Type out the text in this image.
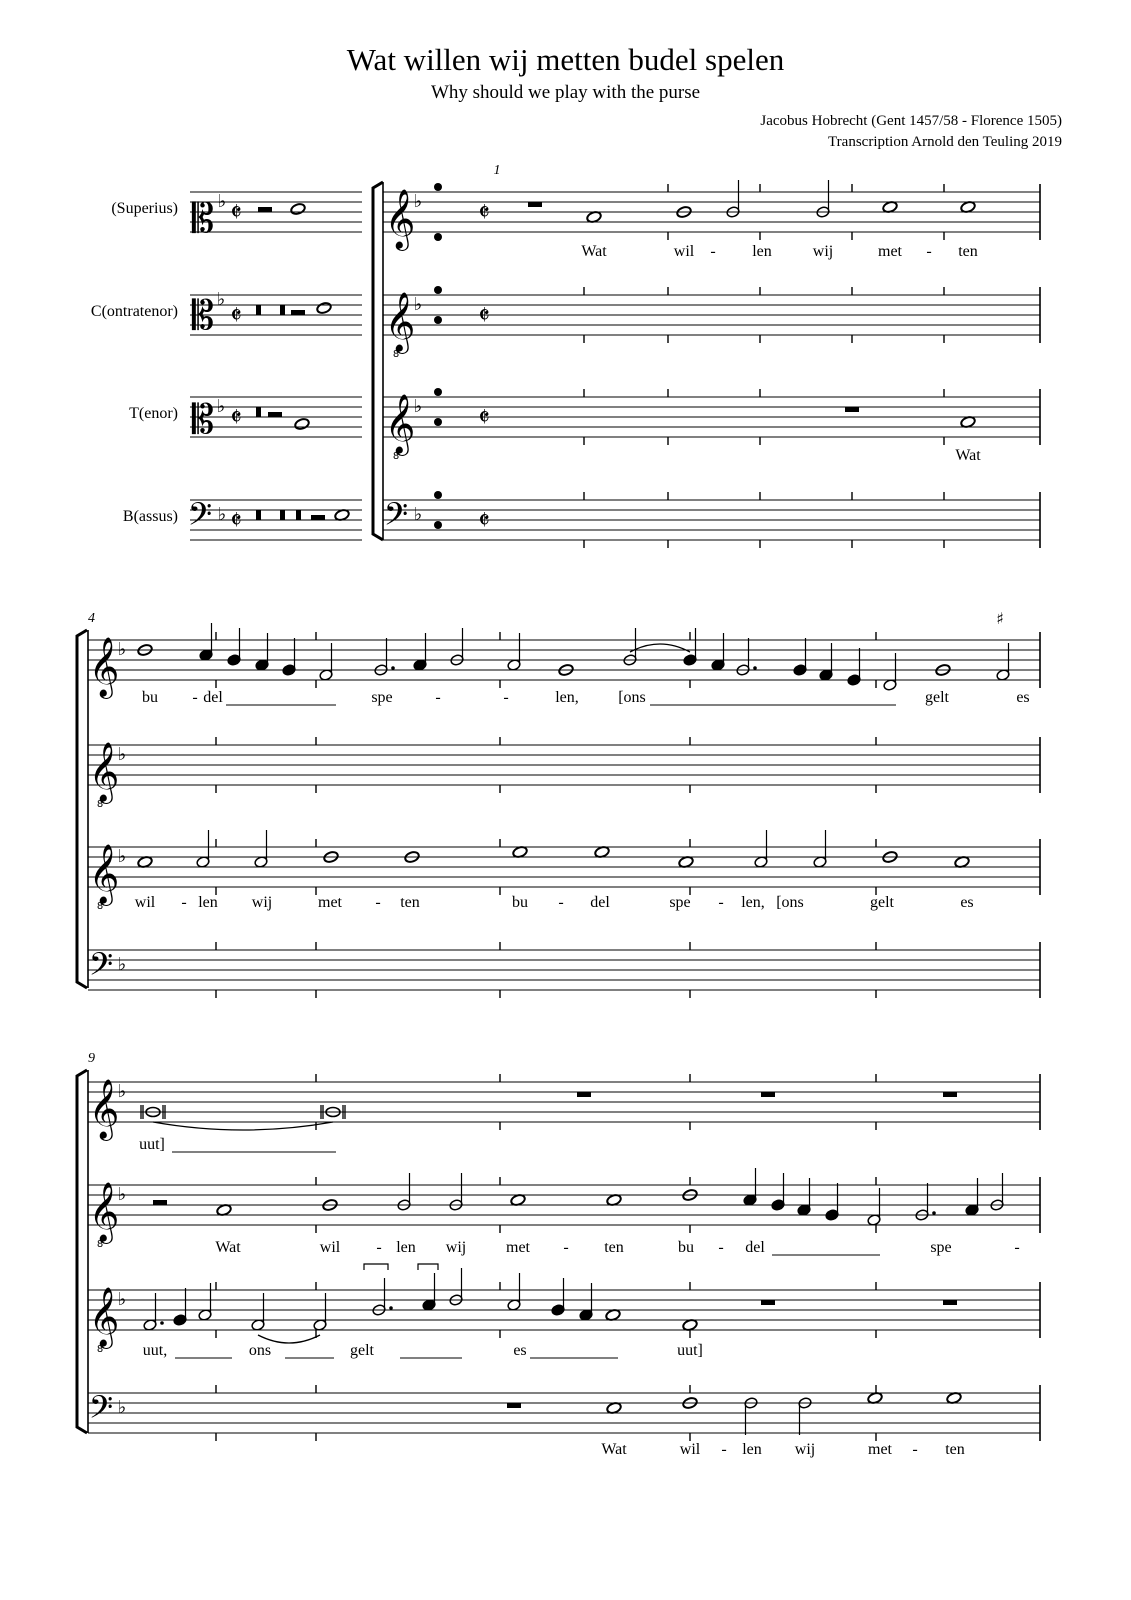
Wat willen wij metten budel spelen
Why should we play with the purse
Jacobus Hobrecht (Gent 1457/58 - Florence 1505)
Transcription Arnold den Teuling 2019
(Superius)
C(ontratenor)
T(enor)
B(assus)
𝄡 ♭ 𝄵
𝄡 ♭
𝄵
𝄡 ♭ 𝄵
𝄢 ♭ 𝄵
𝄞
𝄞
𝄞
8
8
𝄢
♭
♭
♭
♭
𝄵
𝄵
𝄵
𝄵
𝄞
𝄞
𝄞
8
8
𝄢
♭
♭
♭
♭
♯
𝄞
𝄞
𝄞
8
8
𝄢
♭
♭
♭
♭
1
Wat	wil - len	wij	met - ten
Wat
4
bu - del	spe	-	-	len, [ons	gelt	es
wil - len wij	met - ten	bu - del	spe - len, [ons	gelt	es
9
uut]
Wat	wil - len wij met - ten	bu - del	spe	-
uut,	ons	gelt	es	uut]
Wat	wil - len wij	met - ten
